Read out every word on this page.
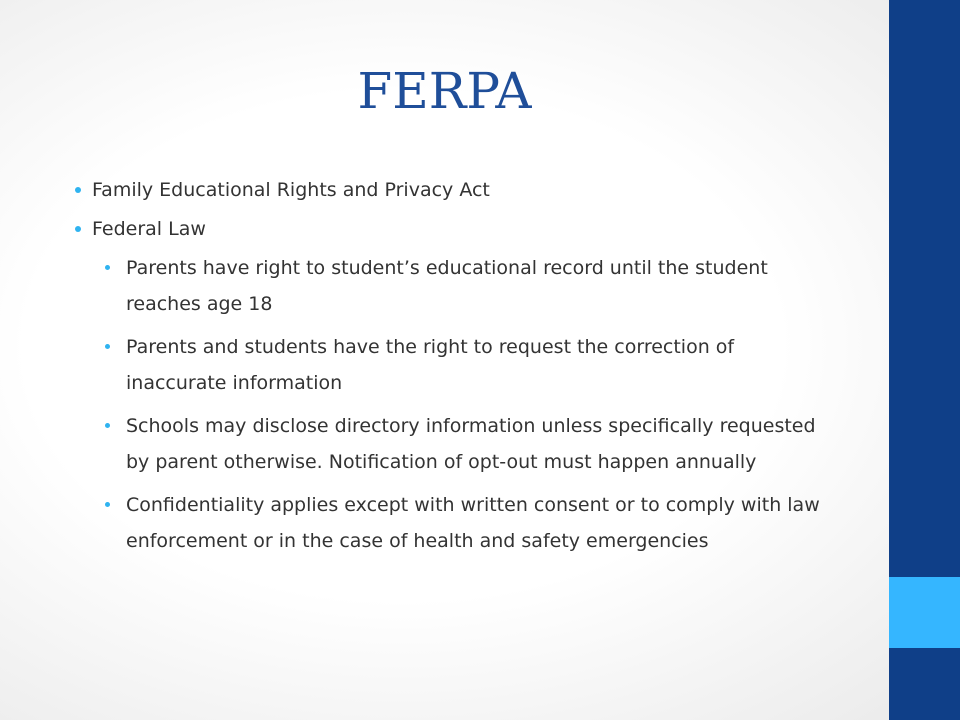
FERPA
Family Educational Rights and Privacy Act
Federal Law
Parents have right to student’s educational record until the student reaches age 18
Parents and students have the right to request the correction of inaccurate information
Schools may disclose directory information unless specifically requested by parent otherwise. Notification of opt-out must happen annually
Confidentiality applies except with written consent or to comply with law enforcement or in the case of health and safety emergencies
